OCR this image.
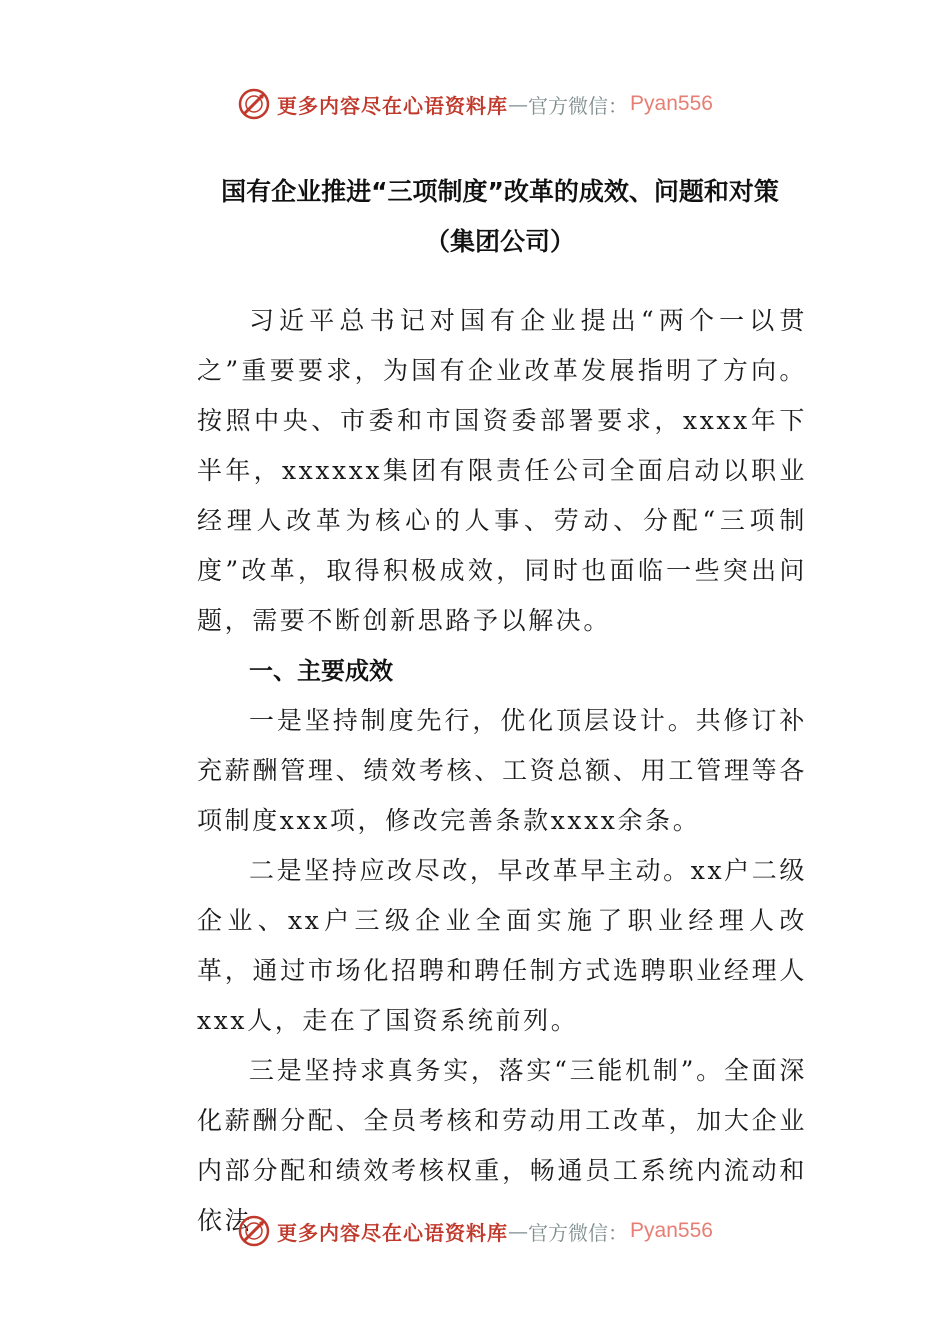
更多内容尽在心语资料库 — 官方微信： Pyan556
国有企业推进“三项制度”改革的成效、问题和对策
（集团公司）

习近平总书记对国有企业提出“两个一以贯之”重要要求，为国有企业改革发展指明了方向。按照中央、市委和市国资委部署要求，xxxx年下半年，xxxxxx集团有限责任公司全面启动以职业经理人改革为核心的人事、劳动、分配“三项制度”改革，取得积极成效，同时也面临一些突出问题，需要不断创新思路予以解决。

一、主要成效

一是坚持制度先行，优化顶层设计。共修订补充薪酬管理、绩效考核、工资总额、用工管理等各项制度xxx项，修改完善条款xxxx余条。

二是坚持应改尽改，早改革早主动。xx户二级企业、xx户三级企业全面实施了职业经理人改革，通过市场化招聘和聘任制方式选聘职业经理人xxx人，走在了国资系统前列。

三是坚持求真务实，落实“三能机制”。全面深化薪酬分配、全员考核和劳动用工改革，加大企业内部分配和绩效考核权重，畅通员工系统内流动和依法	更多内容尽在心语资料库 — 官方微信： Pyan556
